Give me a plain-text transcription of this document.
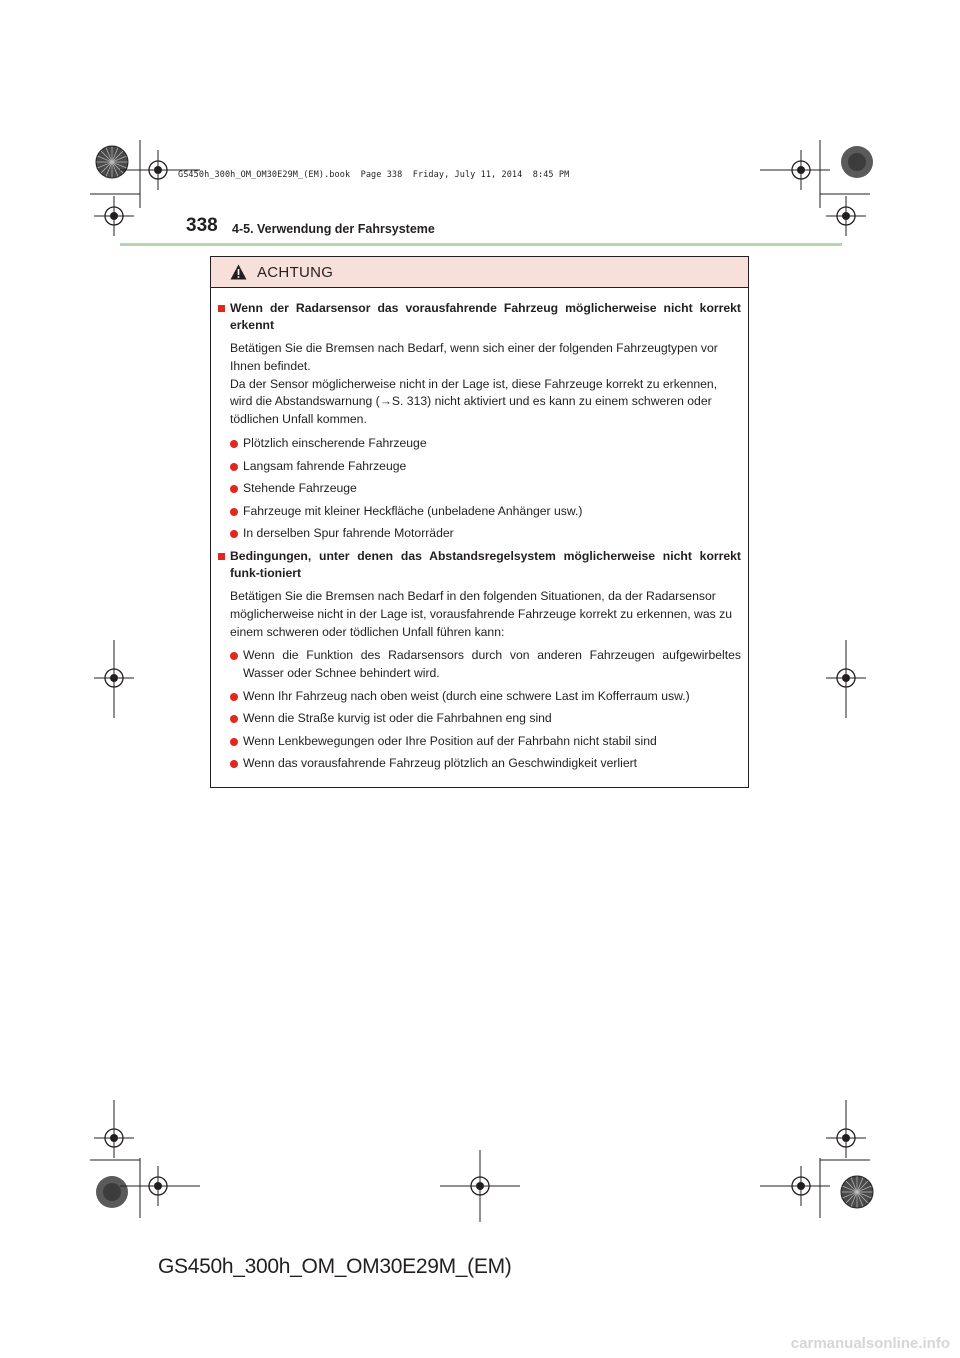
GS450h_300h_OM_OM30E29M_(EM).book  Page 338  Friday, July 11, 2014  8:45 PM
338 4-5. Verwendung der Fahrsysteme
ACHTUNG
Wenn der Radarsensor das vorausfahrende Fahrzeug möglicherweise nicht korrekt erkennt

Betätigen Sie die Bremsen nach Bedarf, wenn sich einer der folgenden Fahrzeugtypen vor Ihnen befindet.

Da der Sensor möglicherweise nicht in der Lage ist, diese Fahrzeuge korrekt zu erkennen, wird die Abstandswarnung (→S. 313) nicht aktiviert und es kann zu einem schweren oder tödlichen Unfall kommen.

Plötzlich einscherende Fahrzeuge
Langsam fahrende Fahrzeuge
Stehende Fahrzeuge
Fahrzeuge mit kleiner Heckfläche (unbeladene Anhänger usw.)
In derselben Spur fahrende Motorräder
Bedingungen, unter denen das Abstandsregelsystem möglicherweise nicht korrekt funk-tioniert

Betätigen Sie die Bremsen nach Bedarf in den folgenden Situationen, da der Radarsensor möglicherweise nicht in der Lage ist, vorausfahrende Fahrzeuge korrekt zu erkennen, was zu einem schweren oder tödlichen Unfall führen kann:

Wenn die Funktion des Radarsensors durch von anderen Fahrzeugen aufgewirbeltes Wasser oder Schnee behindert wird.
Wenn Ihr Fahrzeug nach oben weist (durch eine schwere Last im Kofferraum usw.)
Wenn die Straße kurvig ist oder die Fahrbahnen eng sind
Wenn Lenkbewegungen oder Ihre Position auf der Fahrbahn nicht stabil sind
Wenn das vorausfahrende Fahrzeug plötzlich an Geschwindigkeit verliert
GS450h_300h_OM_OM30E29M_(EM)
carmanualsonline.info
